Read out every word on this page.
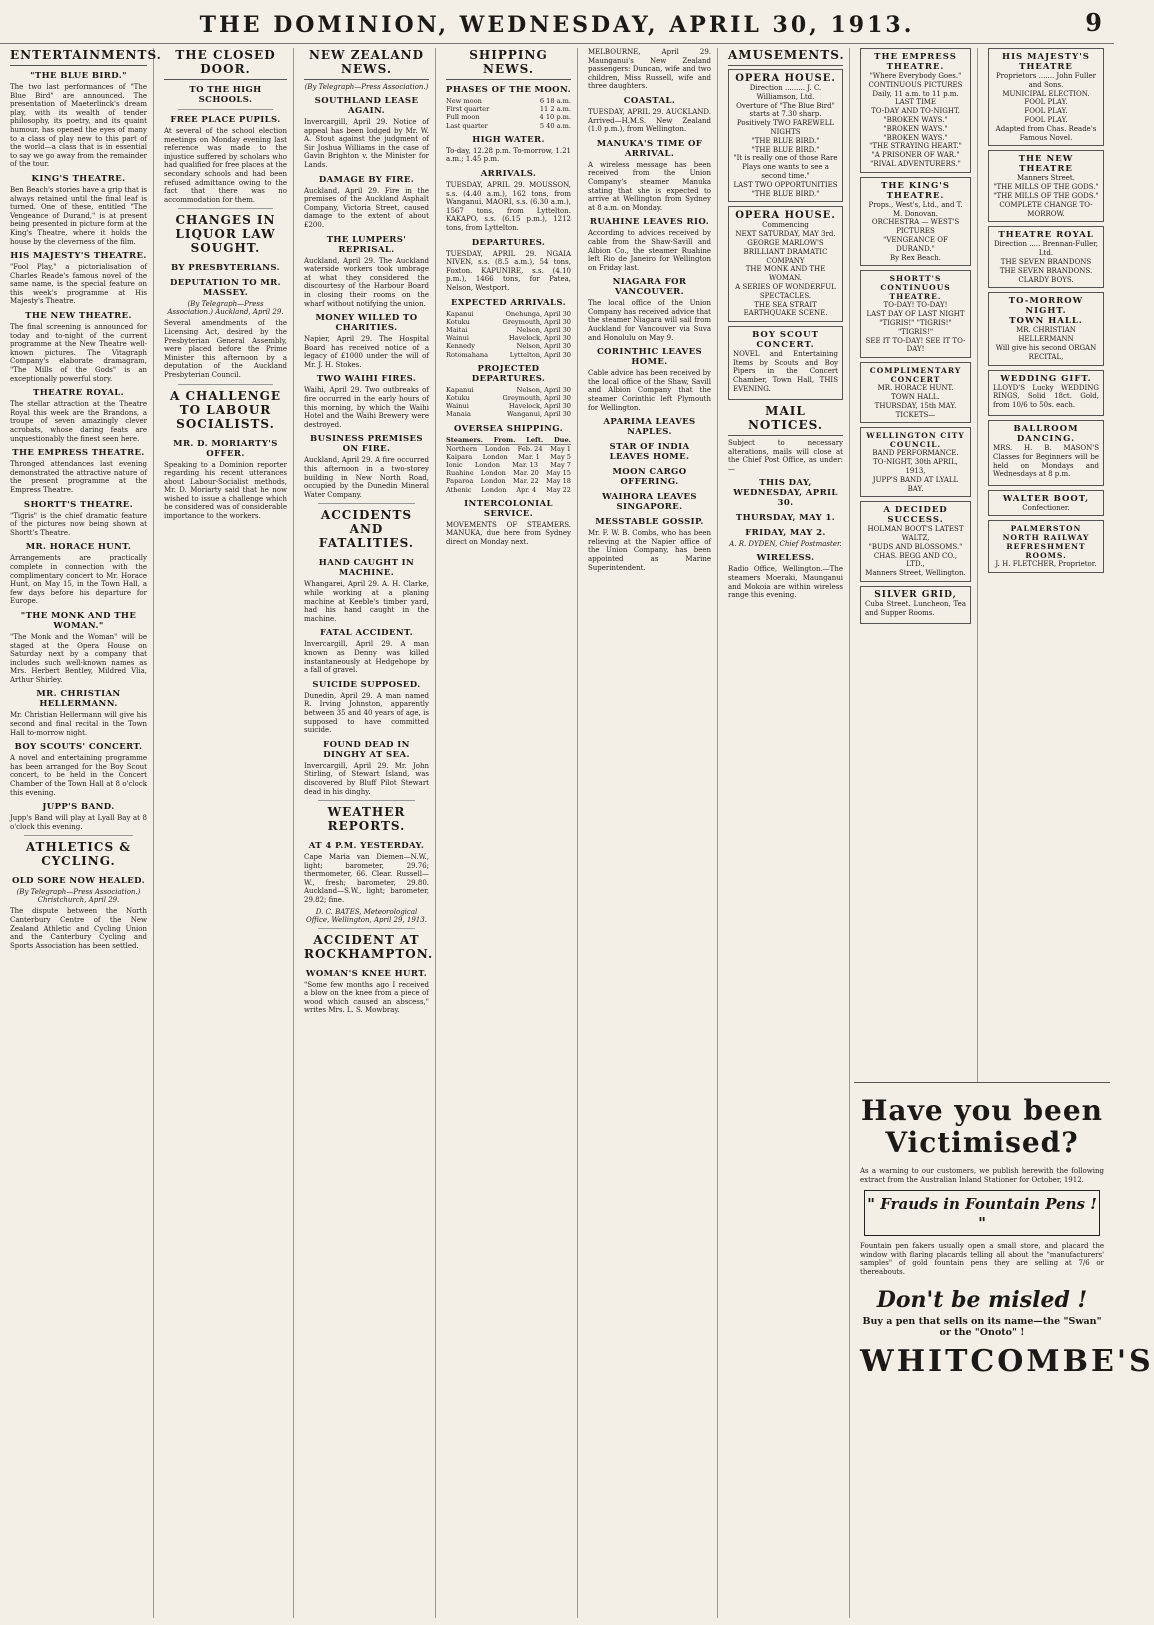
THE DOMINION, WEDNESDAY, APRIL 30, 1913.	9
ENTERTAINMENTS.
"THE BLUE BIRD."

The two last performances of "The Blue Bird" are announced. The presentation of Maeterlinck's dream play, with its wealth of tender philosophy, its poetry, and its quaint humour, has opened the eyes of many to a class of play new to this part of the world—a class that is in essential to say we go away from the remainder of the tour.

KING'S THEATRE.

Ben Beach's stories have a grip that is always retained until the final leaf is turned. One of these, entitled "The Vengeance of Durand," is at present being presented in picture form at the King's Theatre, where it holds the house by the cleverness of the film.

HIS MAJESTY'S THEATRE.

"Fool Play," a pictorialisation of Charles Reade's famous novel of the same name, is the special feature on this week's programme at His Majesty's Theatre.

THE NEW THEATRE.

The final screening is announced for today and to-night of the current programme at the New Theatre well-known pictures. The Vitagraph Company's elaborate dramagram, "The Mills of the Gods" is an exceptionally powerful story.

THEATRE ROYAL.

The stellar attraction at the Theatre Royal this week are the Brandons, a troupe of seven amazingly clever acrobats, whose daring feats are unquestionably the finest seen here.

THE EMPRESS THEATRE.

Thronged attendances last evening demonstrated the attractive nature of the present programme at the Empress Theatre.

SHORTT'S THEATRE.

"Tigris" is the chief dramatic feature of the pictures now being shown at Shortt's Theatre.

MR. HORACE HUNT.

Arrangements are practically complete in connection with the complimentary concert to Mr. Horace Hunt, on May 15, in the Town Hall, a few days before his departure for Europe.

"THE MONK AND THE WOMAN."

"The Monk and the Woman" will be staged at the Opera House on Saturday next by a company that includes such well-known names as Mrs. Herbert Bentley, Mildred Vlia, Arthur Shirley.

MR. CHRISTIAN HELLERMANN.

Mr. Christian Hellermann will give his second and final recital in the Town Hall to-morrow night.

BOY SCOUTS' CONCERT.

A novel and entertaining programme has been arranged for the Boy Scout concert, to be held in the Concert Chamber of the Town Hall at 8 o'clock this evening.

JUPP'S BAND.

Jupp's Band will play at Lyall Bay at 8 o'clock this evening.

ATHLETICS & CYCLING.
OLD SORE NOW HEALED.
(By Telegraph—Press Association.) Christchurch, April 29.

The dispute between the North Canterbury Centre of the New Zealand Athletic and Cycling Union and the Canterbury Cycling and Sports Association has been settled.

THE CLOSED DOOR.
TO THE HIGH SCHOOLS.
FREE PLACE PUPILS.

At several of the school election meetings on Monday evening last reference was made to the injustice suffered by scholars who had qualified for free places at the secondary schools and had been refused admittance owing to the fact that there was no accommodation for them.

CHANGES IN LIQUOR LAW SOUGHT.
BY PRESBYTERIANS.
DEPUTATION TO MR. MASSEY.
(By Telegraph—Press Association.) Auckland, April 29.

Several amendments of the Licensing Act, desired by the Presbyterian General Assembly, were placed before the Prime Minister this afternoon by a deputation of the Auckland Presbyterian Council.

A CHALLENGE TO LABOUR SOCIALISTS.
MR. D. MORIARTY'S OFFER.

Speaking to a Dominion reporter regarding his recent utterances about Labour-Socialist methods, Mr. D. Moriarty said that he now wished to issue a challenge which he considered was of considerable importance to the workers.

NEW ZEALAND NEWS.
(By Telegraph—Press Association.)
SOUTHLAND LEASE AGAIN.

Invercargill, April 29. Notice of appeal has been lodged by Mr. W. A. Stout against the judgment of Sir Joshua Williams in the case of Gavin Brighton v. the Minister for Lands.

DAMAGE BY FIRE.

Auckland, April 29. Fire in the premises of the Auckland Asphalt Company, Victoria Street, caused damage to the extent of about £200.

THE LUMPERS' REPRISAL.

Auckland, April 29. The Auckland waterside workers took umbrage at what they considered the discourtesy of the Harbour Board in closing their rooms on the wharf without notifying the union.

MONEY WILLED TO CHARITIES.

Napier, April 29. The Hospital Board has received notice of a legacy of £1000 under the will of Mr. J. H. Stokes.

TWO WAIHI FIRES.

Waihi, April 29. Two outbreaks of fire occurred in the early hours of this morning, by which the Waihi Hotel and the Waihi Brewery were destroyed.

BUSINESS PREMISES ON FIRE.

Auckland, April 29. A fire occurred this afternoon in a two-storey building in New North Road, occupied by the Dunedin Mineral Water Company.

ACCIDENTS AND FATALITIES.
HAND CAUGHT IN MACHINE.

Whangarei, April 29. A. H. Clarke, while working at a planing machine at Keeble's timber yard, had his hand caught in the machine.

FATAL ACCIDENT.

Invercargill, April 29. A man known as Denny was killed instantaneously at Hedgehope by a fall of gravel.

SUICIDE SUPPOSED.

Dunedin, April 29. A man named R. Irving Johnston, apparently between 35 and 40 years of age, is supposed to have committed suicide.

FOUND DEAD IN DINGHY AT SEA.

Invercargill, April 29. Mr. John Stirling, of Stewart Island, was discovered by Bluff Pilot Stewart dead in his dinghy.

WEATHER REPORTS.
AT 4 P.M. YESTERDAY.

Cape Maria van Diemen—N.W., light; barometer, 29.76; thermometer, 66. Clear. Russell—W., fresh; barometer, 29.80. Auckland—S.W., light; barometer, 29.82; fine.

D. C. BATES, Meteorological Office, Wellington, April 29, 1913.
ACCIDENT AT ROCKHAMPTON.
WOMAN'S KNEE HURT.

"Some few months ago I received a blow on the knee from a piece of wood which caused an abscess," writes Mrs. L. S. Mowbray.

SHIPPING NEWS.
PHASES OF THE MOON.
New moon	6 18 a.m.
First quarter	11 2 a.m.
Full moon	4 10 p.m.
Last quarter	5 40 a.m.
HIGH WATER.

To-day, 12.28 p.m. To-morrow, 1.21 a.m.; 1.45 p.m.

ARRIVALS.

TUESDAY, APRIL 29. MOUSSON, s.s. (4.40 a.m.), 162 tons, from Wanganui. MAORI, s.s. (6.30 a.m.), 1567 tons, from Lyttelton. KAKAPO, s.s. (6.15 p.m.), 1212 tons, from Lyttelton.

DEPARTURES.

TUESDAY, APRIL 29. NGAIA NIVEN, s.s. (8.5 a.m.), 54 tons, Foxton. KAPUNIRE, s.s. (4.10 p.m.), 1466 tons, for Patea, Nelson, Westport.

EXPECTED ARRIVALS.
Kapanui	Onehunga, April 30
Kotuku	Greymouth, April 30
Maitai	Nelson, April 30
Wainui	Havelock, April 30
Kennedy	Nelson, April 30
Rotomahana	Lyttelton, April 30
PROJECTED DEPARTURES.
Kapanui	Nelson, April 30
Kotuku	Greymouth, April 30
Wainui	Havelock, April 30
Manaia	Wanganui, April 30
OVERSEA SHIPPING.
Steamers. From. Left. Due.
Northern London Feb. 24 May 1
Kaipara London Mar. 1 May 5
Ionic London Mar. 13 May 7
Ruahine London Mar. 20 May 15
Paparoa London Mar. 22 May 18
Athenic London Apr. 4 May 22
INTERCOLONIAL SERVICE.

MOVEMENTS OF STEAMERS. MANUKA, due here from Sydney direct on Monday next.

MELBOURNE, April 29. Maunganui's New Zealand passengers: Duncan, wife and two children, Miss Russell, wife and three daughters.

COASTAL.

TUESDAY, APRIL 29. AUCKLAND. Arrived—H.M.S. New Zealand (1.0 p.m.), from Wellington.

MANUKA'S TIME OF ARRIVAL.

A wireless message has been received from the Union Company's steamer Manuka stating that she is expected to arrive at Wellington from Sydney at 8 a.m. on Monday.

RUAHINE LEAVES RIO.

According to advices received by cable from the Shaw-Savill and Albion Co., the steamer Ruahine left Rio de Janeiro for Wellington on Friday last.

NIAGARA FOR VANCOUVER.

The local office of the Union Company has received advice that the steamer Niagara will sail from Auckland for Vancouver via Suva and Honolulu on May 9.

CORINTHIC LEAVES HOME.

Cable advice has been received by the local office of the Shaw, Savill and Albion Company that the steamer Corinthic left Plymouth for Wellington.

APARIMA LEAVES NAPLES.
STAR OF INDIA LEAVES HOME.
MOON CARGO OFFERING.
WAIHORA LEAVES SINGAPORE.
MESSTABLE GOSSIP.

Mr. F. W. B. Combs, who has been relieving at the Napier office of the Union Company, has been appointed as Marine Superintendent.

AMUSEMENTS.
OPERA HOUSE.
Direction ......... J. C. Williamson, Ltd.
Overture of "The Blue Bird" starts at 7.30 sharp.
Positively TWO FAREWELL NIGHTS
"THE BLUE BIRD."
"THE BLUE BIRD."
"It is really one of those Rare Plays one wants to see a second time."
LAST TWO OPPORTUNITIES
"THE BLUE BIRD."
OPERA HOUSE.
Commencing
NEXT SATURDAY, MAY 3rd.
GEORGE MARLOW'S
BRILLIANT DRAMATIC COMPANY
THE MONK AND THE WOMAN.
A SERIES OF WONDERFUL SPECTACLES.
THE SEA STRAIT EARTHQUAKE SCENE.
BOY SCOUT CONCERT.

NOVEL and Entertaining Items by Scouts and Boy Pipers in the Concert Chamber, Town Hall, THIS EVENING.

MAIL NOTICES.

Subject to necessary alterations, mails will close at the Chief Post Office, as under:—

THIS DAY, WEDNESDAY, APRIL 30.
THURSDAY, MAY 1.
FRIDAY, MAY 2.
A. R. DYDEN, Chief Postmaster.
WIRELESS.

Radio Office, Wellington.—The steamers Moeraki, Maunganui and Mokoia are within wireless range this evening.

THE EMPRESS THEATRE.
"Where Everybody Goes."
CONTINUOUS PICTURES
Daily, 11 a.m. to 11 p.m.
LAST TIME
TO-DAY AND TO-NIGHT.
"BROKEN WAYS."
"BROKEN WAYS."
"BROKEN WAYS."
"THE STRAYING HEART."
"A PRISONER OF WAR."
"RIVAL ADVENTURERS."
THE KING'S THEATRE.
Props., West's, Ltd., and T. M. Donovan.
ORCHESTRA — WEST'S PICTURES
"VENGEANCE OF DURAND."
By Rex Beach.
SHORTT'S CONTINUOUS THEATRE.
TO-DAY! TO-DAY!
LAST DAY OF LAST NIGHT
"TIGRIS!" "TIGRIS!" "TIGRIS!"
SEE IT TO-DAY! SEE IT TO-DAY!
COMPLIMENTARY CONCERT
MR. HORACE HUNT.
TOWN HALL.
THURSDAY, 15th MAY.
TICKETS—
WELLINGTON CITY COUNCIL.
BAND PERFORMANCE.
TO-NIGHT, 30th APRIL, 1913,
JUPP'S BAND AT LYALL BAY.
A DECIDED SUCCESS.
HOLMAN BOOT'S LATEST WALTZ,
"BUDS AND BLOSSOMS."
CHAS. BEGG AND CO., LTD.,
Manners Street, Wellington.
SILVER GRID,

Cuba Street. Luncheon, Tea and Supper Rooms.

HIS MAJESTY'S THEATRE
Proprietors ....... John Fuller and Sons.
MUNICIPAL ELECTION.
FOOL PLAY.
FOOL PLAY.
FOOL PLAY.
Adapted from Chas. Reade's Famous Novel.
THE NEW THEATRE
Manners Street.
"THE MILLS OF THE GODS."
"THE MILLS OF THE GODS."
COMPLETE CHANGE TO-MORROW.
THEATRE ROYAL
Direction ..... Brennan-Fuller, Ltd.
THE SEVEN BRANDONS
THE SEVEN BRANDONS.
CLARDY BOYS.
TO-MORROW NIGHT.
TOWN HALL.
MR. CHRISTIAN HELLERMANN
Will give his second ORGAN RECITAL,
WEDDING GIFT.

LLOYD'S Lucky WEDDING RINGS, Solid 18ct. Gold, from 10/6 to 50s. each.

BALLROOM DANCING.

MRS. H. B. MASON'S Classes for Beginners will be held on Mondays and Wednesdays at 8 p.m.

WALTER BOOT,
Confectioner.
PALMERSTON NORTH RAILWAY REFRESHMENT ROOMS.
J. H. FLETCHER, Proprietor.
Have you been Victimised?

As a warning to our customers, we publish herewith the following extract from the Australian Inland Stationer for October, 1912.

" Frauds in Fountain Pens ! "

Fountain pen fakers usually open a small store, and placard the window with flaring placards telling all about the "manufacturers' samples" of gold fountain pens they are selling at 7/6 or thereabouts.

Don't be misled !
Buy a pen that sells on its name—the "Swan" or the "Onoto" !
WHITCOMBE'S
